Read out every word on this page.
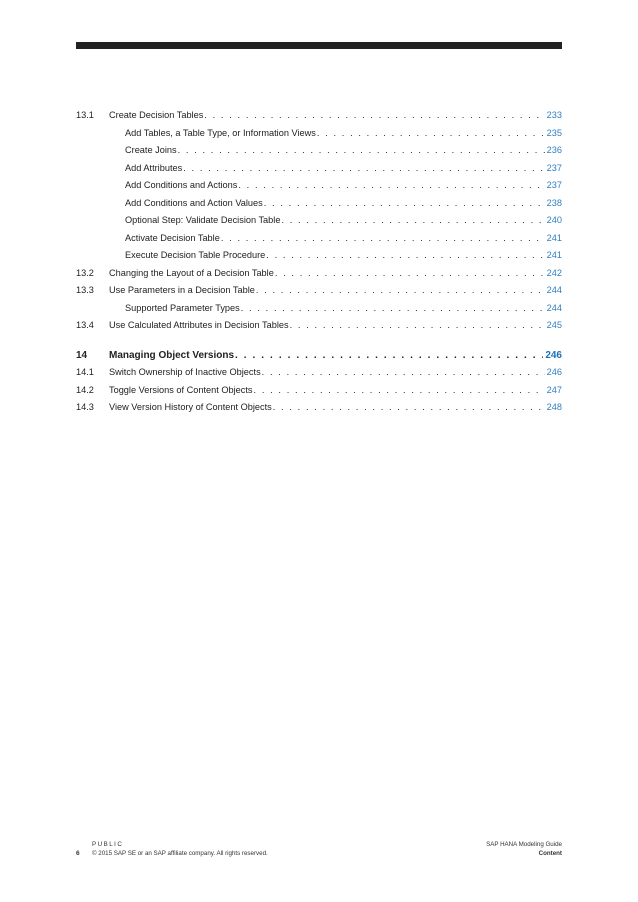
13.1	Create Decision Tables . . .	233
Add Tables, a Table Type, or Information Views . . .	235
Create Joins . . .	236
Add Attributes . . .	237
Add Conditions and Actions . . .	237
Add Conditions and Action Values . . .	238
Optional Step: Validate Decision Table . . .	240
Activate Decision Table . . .	241
Execute Decision Table Procedure . . .	241
13.2	Changing the Layout of a Decision Table . . .	242
13.3	Use Parameters in a Decision Table . . .	244
Supported Parameter Types . . .	244
13.4	Use Calculated Attributes in Decision Tables . . .	245
14	Managing Object Versions . . .	246
14.1	Switch Ownership of Inactive Objects . . .	246
14.2	Toggle Versions of Content Objects . . .	247
14.3	View Version History of Content Objects . . .	248
6
PUBLIC
© 2015 SAP SE or an SAP affiliate company. All rights reserved.
SAP HANA Modeling Guide
Content
